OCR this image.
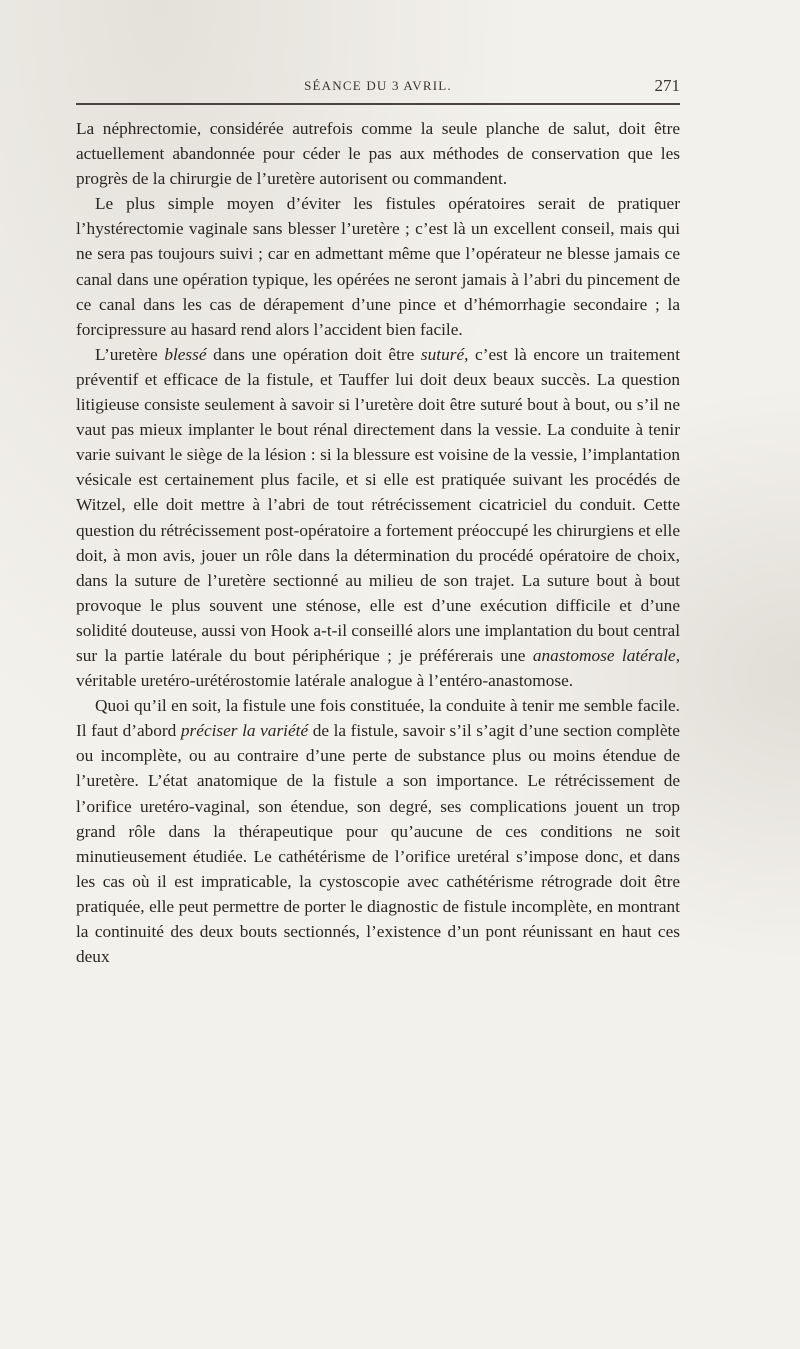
SÉANCE DU 3 AVRIL.	271

La néphrectomie, considérée autrefois comme la seule planche de salut, doit être actuellement abandonnée pour céder le pas aux méthodes de conservation que les progrès de la chirurgie de l’uretère autorisent ou commandent.

Le plus simple moyen d’éviter les fistules opératoires serait de pratiquer l’hystérectomie vaginale sans blesser l’uretère ; c’est là un excellent conseil, mais qui ne sera pas toujours suivi ; car en admettant même que l’opérateur ne blesse jamais ce canal dans une opération typique, les opérées ne seront jamais à l’abri du pincement de ce canal dans les cas de dérapement d’une pince et d’hémorrhagie secondaire ; la forcipressure au hasard rend alors l’accident bien facile.

L’uretère blessé dans une opération doit être suturé, c’est là encore un traitement préventif et efficace de la fistule, et Tauffer lui doit deux beaux succès. La question litigieuse consiste seulement à savoir si l’uretère doit être suturé bout à bout, ou s’il ne vaut pas mieux implanter le bout rénal directement dans la vessie. La conduite à tenir varie suivant le siège de la lésion : si la blessure est voisine de la vessie, l’implantation vésicale est certainement plus facile, et si elle est pratiquée suivant les procédés de Witzel, elle doit mettre à l’abri de tout rétrécissement cicatriciel du conduit. Cette question du rétrécissement post-opératoire a fortement préoccupé les chirurgiens et elle doit, à mon avis, jouer un rôle dans la détermination du procédé opératoire de choix, dans la suture de l’uretère sectionné au milieu de son trajet. La suture bout à bout provoque le plus souvent une sténose, elle est d’une exécution difficile et d’une solidité douteuse, aussi von Hook a-t-il conseillé alors une implantation du bout central sur la partie latérale du bout périphérique ; je préférerais une anastomose latérale, véritable uretéro-urétérostomie latérale analogue à l’entéro-anastomose.

Quoi qu’il en soit, la fistule une fois constituée, la conduite à tenir me semble facile. Il faut d’abord préciser la variété de la fistule, savoir s’il s’agit d’une section complète ou incomplète, ou au contraire d’une perte de substance plus ou moins étendue de l’uretère. L’état anatomique de la fistule a son importance. Le rétrécissement de l’orifice uretéro-vaginal, son étendue, son degré, ses complications jouent un trop grand rôle dans la thérapeutique pour qu’aucune de ces conditions ne soit minutieusement étudiée. Le cathétérisme de l’orifice uretéral s’impose donc, et dans les cas où il est impraticable, la cystoscopie avec cathétérisme rétrograde doit être pratiquée, elle peut permettre de porter le diagnostic de fistule incomplète, en montrant la continuité des deux bouts sectionnés, l’existence d’un pont réunissant en haut ces deux
